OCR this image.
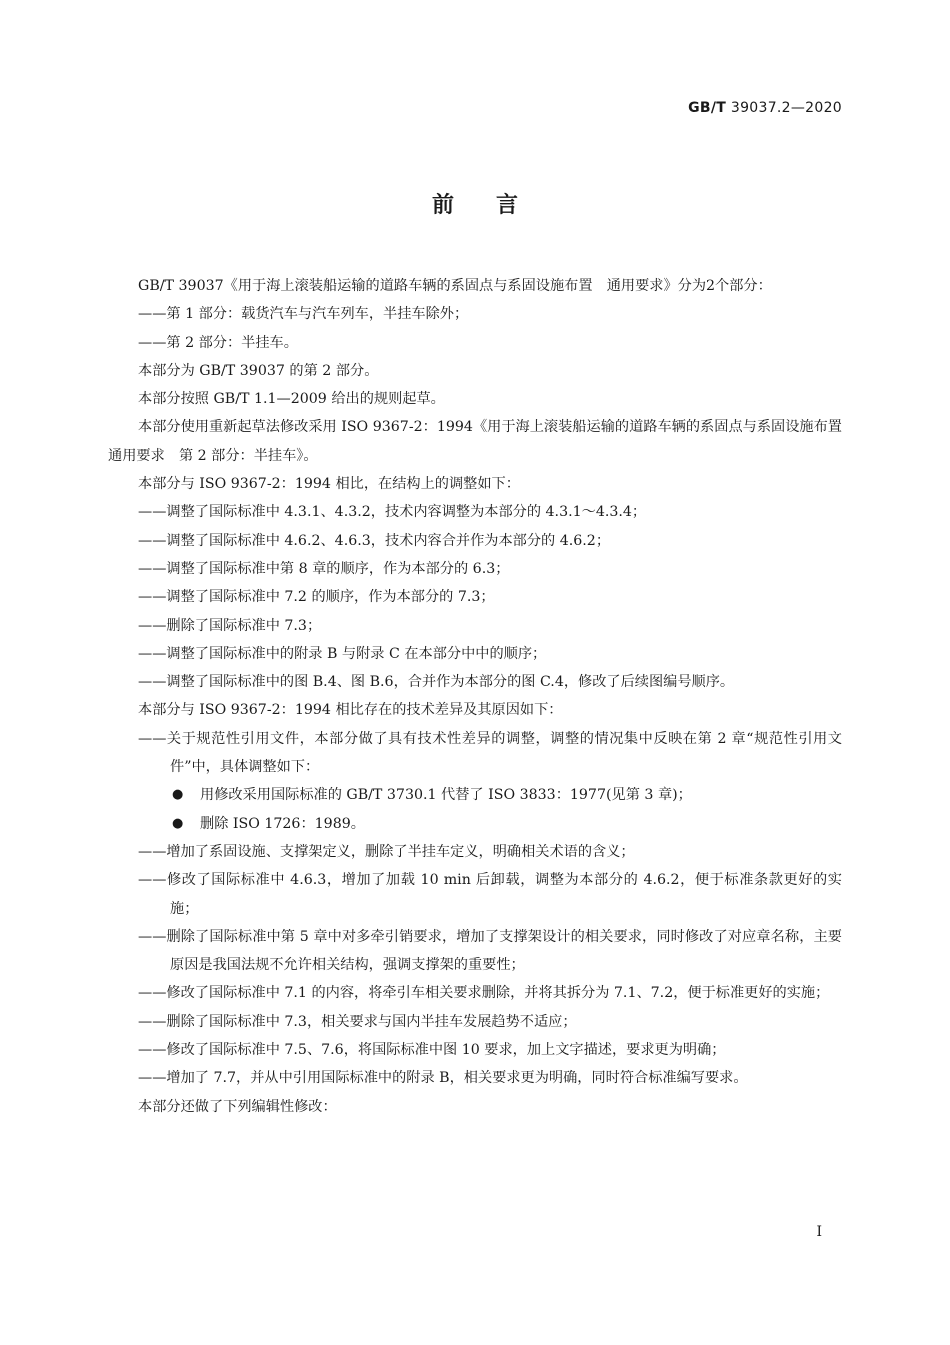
GB/T 39037.2—2020
前言

GB/T 39037《用于海上滚装船运输的道路车辆的系固点与系固设施布置　通用要求》分为2个部分：

——第 1 部分：载货汽车与汽车列车，半挂车除外；

——第 2 部分：半挂车。

本部分为 GB/T 39037 的第 2 部分。

本部分按照 GB/T 1.1—2009 给出的规则起草。

本部分使用重新起草法修改采用 ISO 9367-2：1994《用于海上滚装船运输的道路车辆的系固点与系固设施布置　通用要求　第 2 部分：半挂车》。

本部分与 ISO 9367-2：1994 相比，在结构上的调整如下：

——调整了国际标准中 4.3.1、4.3.2，技术内容调整为本部分的 4.3.1～4.3.4；

——调整了国际标准中 4.6.2、4.6.3，技术内容合并作为本部分的 4.6.2；

——调整了国际标准中第 8 章的顺序，作为本部分的 6.3；

——调整了国际标准中 7.2 的顺序，作为本部分的 7.3；

——删除了国际标准中 7.3；

——调整了国际标准中的附录 B 与附录 C 在本部分中中的顺序；

——调整了国际标准中的图 B.4、图 B.6，合并作为本部分的图 C.4，修改了后续图编号顺序。

本部分与 ISO 9367-2：1994 相比存在的技术差异及其原因如下：

——关于规范性引用文件，本部分做了具有技术性差异的调整，调整的情况集中反映在第 2 章“规范性引用文件”中，具体调整如下：

● 用修改采用国际标准的 GB/T 3730.1 代替了 ISO 3833：1977(见第 3 章)；

● 删除 ISO 1726：1989。

——增加了系固设施、支撑架定义，删除了半挂车定义，明确相关术语的含义；

——修改了国际标准中 4.6.3，增加了加载 10 min 后卸载，调整为本部分的 4.6.2，便于标准条款更好的实施；

——删除了国际标准中第 5 章中对多牵引销要求，增加了支撑架设计的相关要求，同时修改了对应章名称，主要原因是我国法规不允许相关结构，强调支撑架的重要性；

——修改了国际标准中 7.1 的内容，将牵引车相关要求删除，并将其拆分为 7.1、7.2，便于标准更好的实施；

——删除了国际标准中 7.3，相关要求与国内半挂车发展趋势不适应；

——修改了国际标准中 7.5、7.6，将国际标准中图 10 要求，加上文字描述，要求更为明确；

——增加了 7.7，并从中引用国际标准中的附录 B，相关要求更为明确，同时符合标准编写要求。

本部分还做了下列编辑性修改：

I
